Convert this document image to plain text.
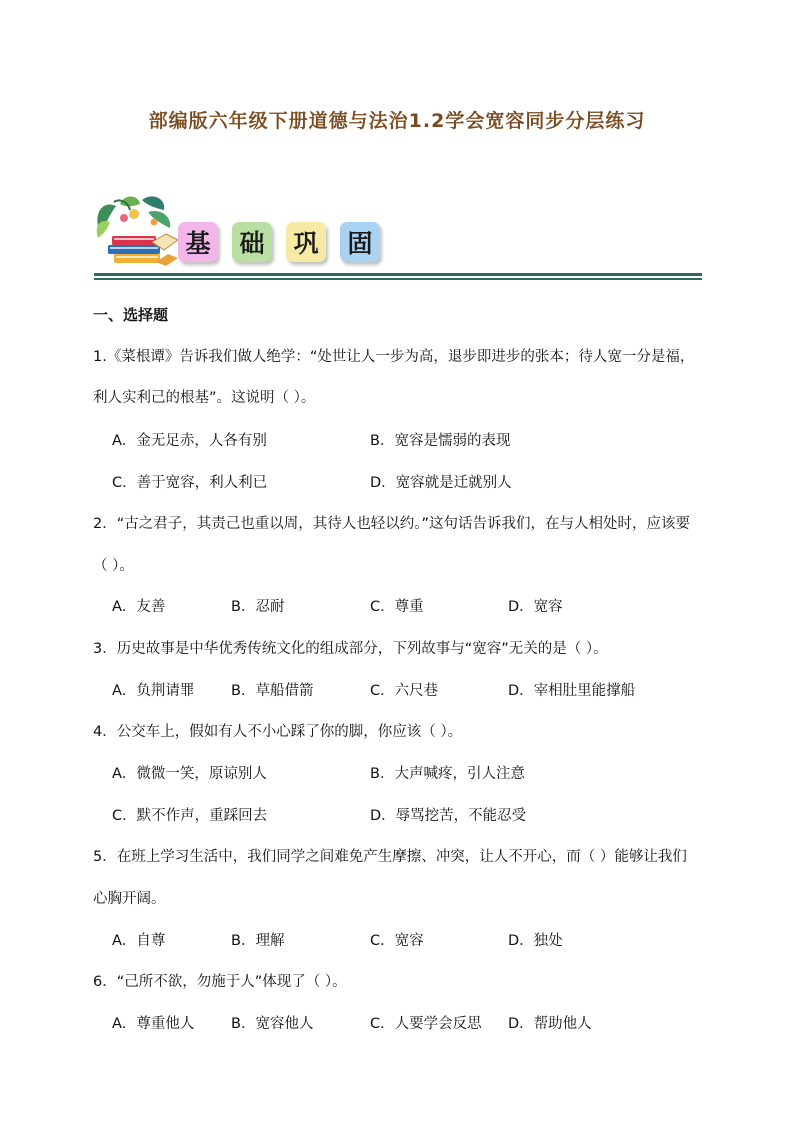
部编版六年级下册道德与法治1.2学会宽容同步分层练习
基 础 巩 固
一、选择题
1.《菜根谭》告诉我们做人绝学：“处世让人一步为高，退步即进步的张本；待人宽一分是福，
利人实利己的根基”。这说明（ ）。
A．金无足赤，人各有别	B．宽容是懦弱的表现
C．善于宽容，利人利已	D．宽容就是迁就别人
2．“古之君子，其责己也重以周，其待人也轻以约。”这句话告诉我们，在与人相处时，应该要
（ ）。
A．友善	B．忍耐	C．尊重	D．宽容
3．历史故事是中华优秀传统文化的组成部分，下列故事与“宽容”无关的是（ ）。
A．负荆请罪	B．草船借箭	C．六尺巷	D．宰相肚里能撑船
4．公交车上，假如有人不小心踩了你的脚，你应该（ ）。
A．微微一笑，原谅别人	B．大声喊疼，引人注意
C．默不作声，重踩回去	D．辱骂挖苦，不能忍受
5．在班上学习生活中，我们同学之间难免产生摩擦、冲突，让人不开心，而（ ）能够让我们
心胸开阔。
A．自尊	B．理解	C．宽容	D．独处
6．“己所不欲，勿施于人”体现了（ ）。
A．尊重他人	B．宽容他人	C．人要学会反思 D．帮助他人
